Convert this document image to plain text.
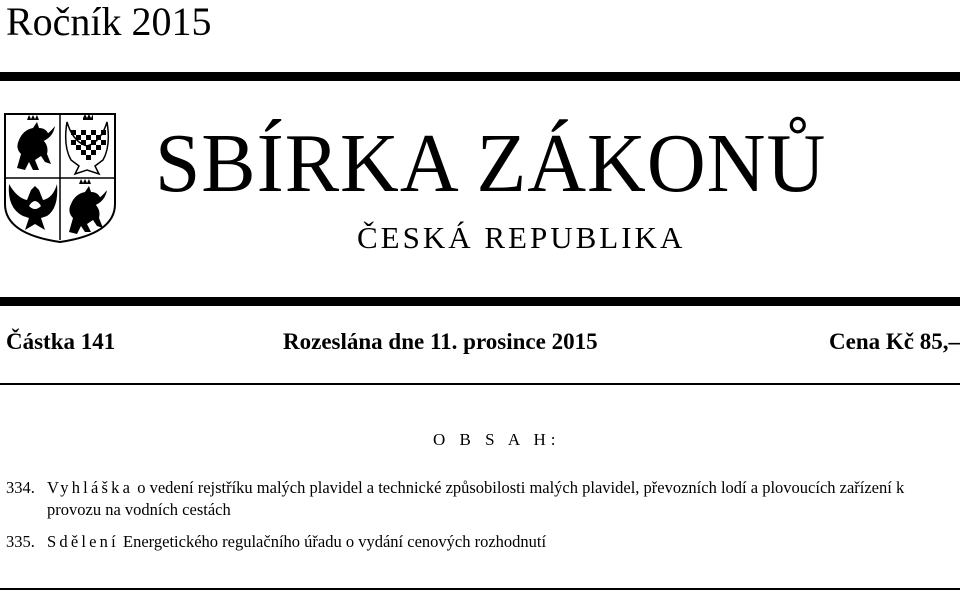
Ročník 2015
SBÍRKA ZÁKONŮ
ČESKÁ REPUBLIKA
Částka 141	Rozeslána dne 11. prosince 2015	Cena Kč 85,–
O B S A H:
334. Vyhláška o vedení rejstříku malých plavidel a technické způsobilosti malých plavidel, převozních lodí a plovoucích zařízení k provozu na vodních cestách
335. Sdělení Energetického regulačního úřadu o vydání cenových rozhodnutí
